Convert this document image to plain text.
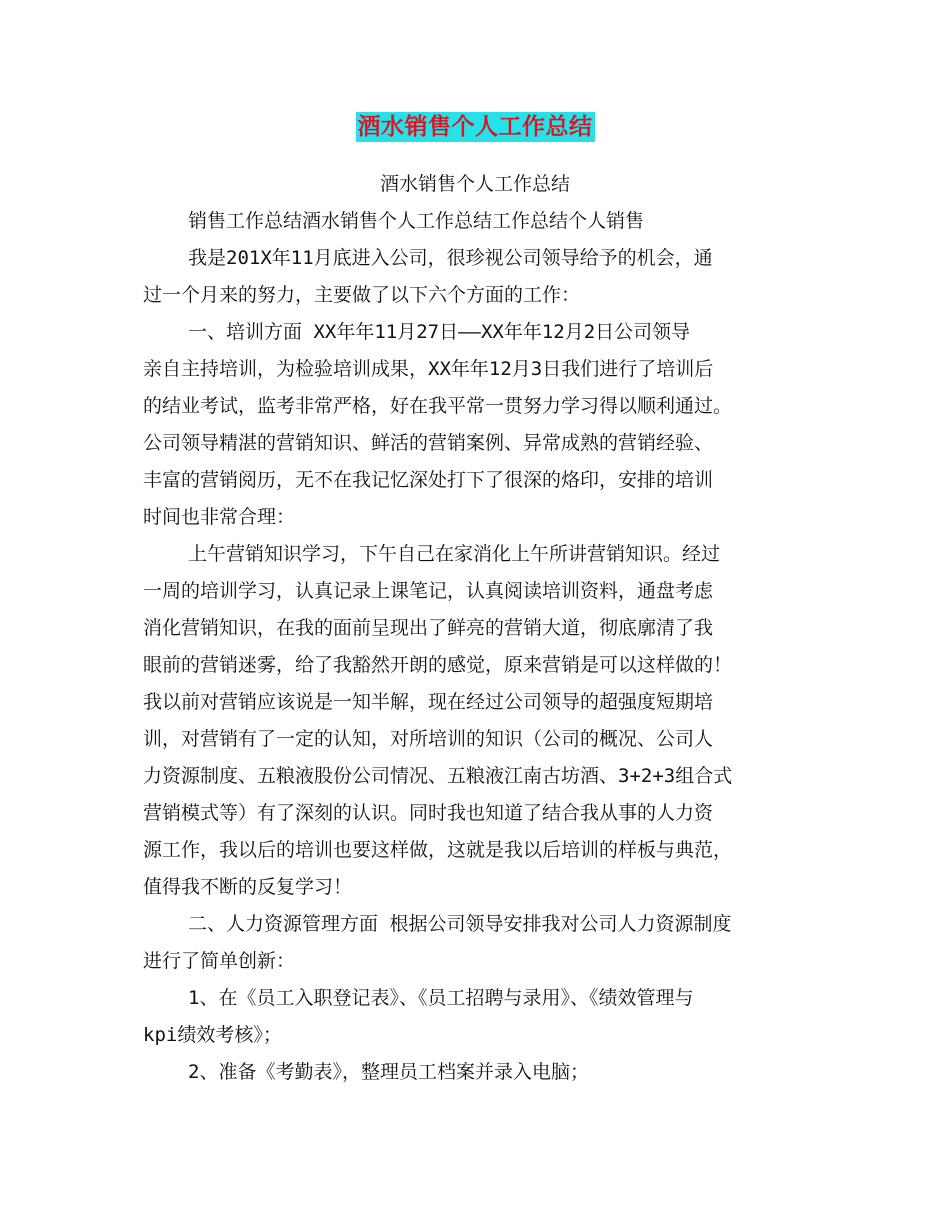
酒水销售个人工作总结
酒水销售个人工作总结
销售工作总结酒水销售个人工作总结工作总结个人销售
我是201X年11月底进入公司，很珍视公司领导给予的机会，通
过一个月来的努力，主要做了以下六个方面的工作：
一、培训方面 XX年年11月27日——XX年年12月2日公司领导
亲自主持培训，为检验培训成果，XX年年12月3日我们进行了培训后
的结业考试，监考非常严格，好在我平常一贯努力学习得以顺利通过。
公司领导精湛的营销知识、鲜活的营销案例、异常成熟的营销经验、
丰富的营销阅历，无不在我记忆深处打下了很深的烙印，安排的培训
时间也非常合理：
上午营销知识学习，下午自己在家消化上午所讲营销知识。经过
一周的培训学习，认真记录上课笔记，认真阅读培训资料，通盘考虑
消化营销知识，在我的面前呈现出了鲜亮的营销大道，彻底廓清了我
眼前的营销迷雾，给了我豁然开朗的感觉，原来营销是可以这样做的！
我以前对营销应该说是一知半解，现在经过公司领导的超强度短期培
训，对营销有了一定的认知，对所培训的知识（公司的概况、公司人
力资源制度、五粮液股份公司情况、五粮液江南古坊酒、3+2+3组合式
营销模式等）有了深刻的认识。同时我也知道了结合我从事的人力资
源工作，我以后的培训也要这样做，这就是我以后培训的样板与典范，
值得我不断的反复学习！
二、人力资源管理方面 根据公司领导安排我对公司人力资源制度
进行了简单创新：
1、在《员工入职登记表》、《员工招聘与录用》、《绩效管理与
kpi绩效考核》；
2、准备《考勤表》，整理员工档案并录入电脑；
